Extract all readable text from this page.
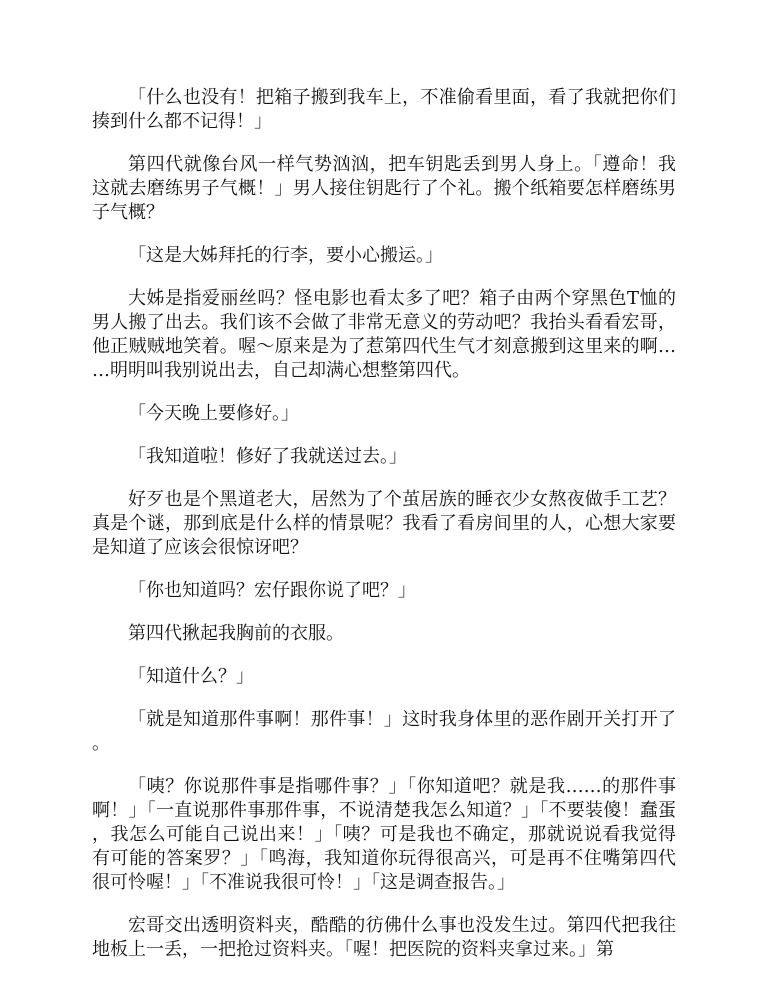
「什么也没有！把箱子搬到我车上，不准偷看里面，看了我就把你们揍到什么都不记得！」

第四代就像台风一样气势汹汹，把车钥匙丢到男人身上。「遵命！我这就去磨练男子气概！」男人接住钥匙行了个礼。搬个纸箱要怎样磨练男子气概？

「这是大姊拜托的行李，要小心搬运。」

大姊是指爱丽丝吗？怪电影也看太多了吧？箱子由两个穿黑色T恤的男人搬了出去。我们该不会做了非常无意义的劳动吧？我抬头看看宏哥，他正贼贼地笑着。喔～原来是为了惹第四代生气才刻意搬到这里来的啊……明明叫我别说出去，自己却满心想整第四代。

「今天晚上要修好。」

「我知道啦！修好了我就送过去。」

好歹也是个黑道老大，居然为了个茧居族的睡衣少女熬夜做手工艺？真是个谜，那到底是什么样的情景呢？我看了看房间里的人，心想大家要是知道了应该会很惊讶吧？

「你也知道吗？宏仔跟你说了吧？」

第四代揪起我胸前的衣服。

「知道什么？」

「就是知道那件事啊！那件事！」这时我身体里的恶作剧开关打开了。

「咦？你说那件事是指哪件事？」「你知道吧？就是我……的那件事啊！」「一直说那件事那件事，不说清楚我怎么知道？」「不要装傻！蠢蛋，我怎么可能自己说出来！」「咦？可是我也不确定，那就说说看我觉得有可能的答案罗？」「鸣海，我知道你玩得很高兴，可是再不住嘴第四代很可怜喔！」「不准说我很可怜！」「这是调查报告。」

宏哥交出透明资料夹，酷酷的彷佛什么事也没发生过。第四代把我往地板上一丢，一把抢过资料夹。「喔！把医院的资料夹拿过来。」第
